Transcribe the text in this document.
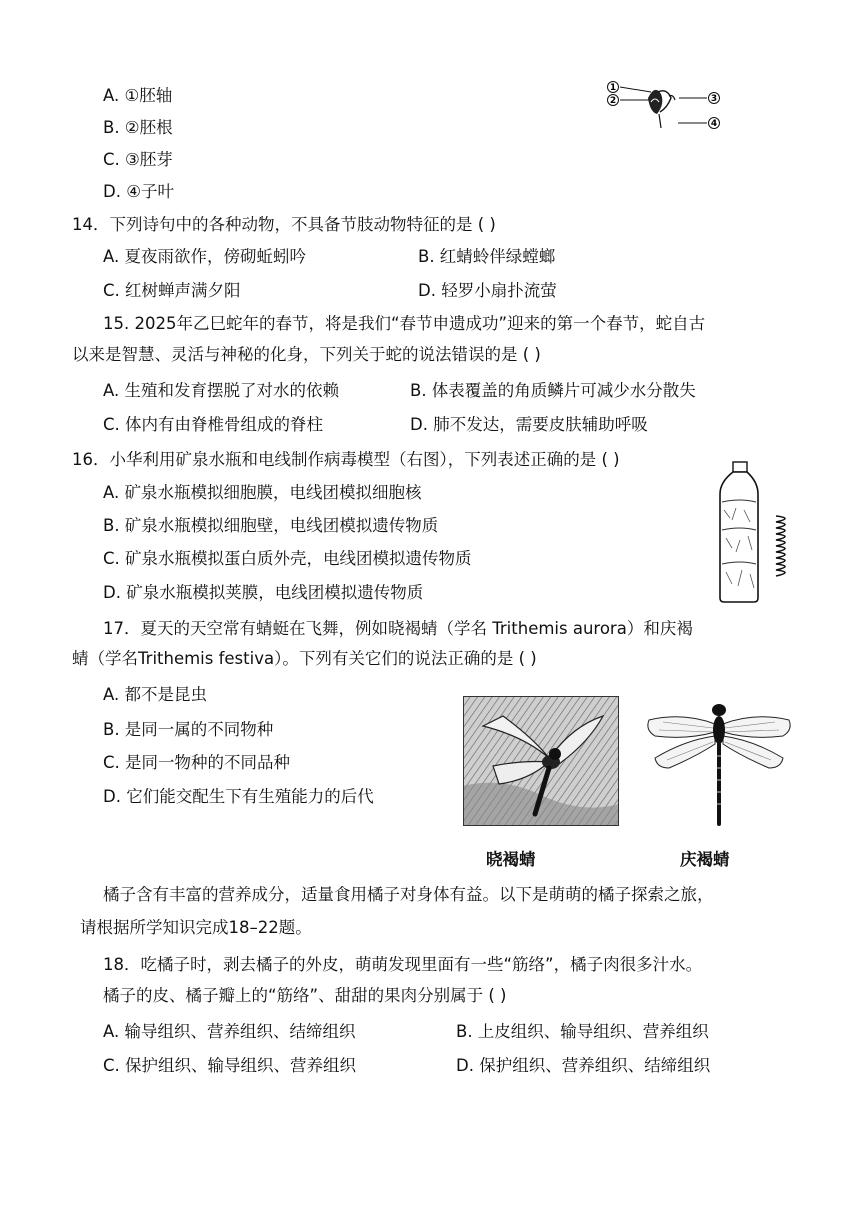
A. ①胚轴
B. ②胚根
C. ③胚芽
D. ④子叶
1
2	3
4
14．下列诗句中的各种动物，不具备节肢动物特征的是 ( )
A. 夏夜雨欲作，傍砌蚯蚓吟	B. 红蜻蛉伴绿螳螂
C. 红树蝉声满夕阳	D. 轻罗小扇扑流萤
15. 2025年乙巳蛇年的春节，将是我们“春节申遗成功”迎来的第一个春节，蛇自古
以来是智慧、灵活与神秘的化身，下列关于蛇的说法错误的是 ( )
A. 生殖和发育摆脱了对水的依赖	B. 体表覆盖的角质鳞片可减少水分散失
C. 体内有由脊椎骨组成的脊柱	D. 肺不发达，需要皮肤辅助呼吸
16．小华利用矿泉水瓶和电线制作病毒模型（右图），下列表述正确的是 ( )
A. 矿泉水瓶模拟细胞膜，电线团模拟细胞核
B. 矿泉水瓶模拟细胞壁，电线团模拟遗传物质
C. 矿泉水瓶模拟蛋白质外壳，电线团模拟遗传物质
D. 矿泉水瓶模拟荚膜，电线团模拟遗传物质
17．夏天的天空常有蜻蜓在飞舞，例如晓褐蜻（学名 Trithemis aurora）和庆褐
蜻（学名Trithemis festiva）。下列有关它们的说法正确的是 ( )
A. 都不是昆虫
B. 是同一属的不同物种
C. 是同一物种的不同品种
D. 它们能交配生下有生殖能力的后代
晓褐蜻	庆褐蜻
橘子含有丰富的营养成分，适量食用橘子对身体有益。以下是萌萌的橘子探索之旅，
请根据所学知识完成18–22题。
18．吃橘子时，剥去橘子的外皮，萌萌发现里面有一些“筋络”，橘子肉很多汁水。
橘子的皮、橘子瓣上的“筋络”、甜甜的果肉分别属于 ( )
A. 输导组织、营养组织、结缔组织	B. 上皮组织、输导组织、营养组织
C. 保护组织、输导组织、营养组织	D. 保护组织、营养组织、结缔组织
